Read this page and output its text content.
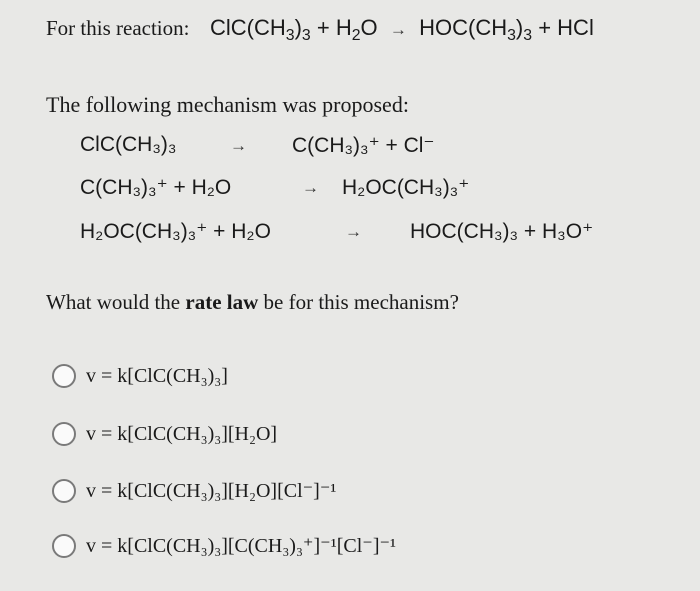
For this reaction: $ClC(CH_3)_3 + H_2O \to HOC(CH_3)_3$ + HCl
The following mechanism was proposed:
ClC(CH₃)₃	→ C(CH₃)₃⁺ + Cl⁻
C(CH₃)₃⁺ + H₂O	→ H₂OC(CH₃)₃⁺
H₂OC(CH₃)₃⁺ + H₂O	→ HOC(CH₃)₃ + H₃O⁺
What would the rate law be for this mechanism?
v = k[ClC(CH₃)₃]
v = k[ClC(CH₃)₃][H₂O]
v = k[ClC(CH₃)₃][H₂O][Cl⁻]⁻¹
v = k[ClC(CH₃)₃][C(CH₃)₃⁺]⁻¹[Cl⁻]⁻¹
